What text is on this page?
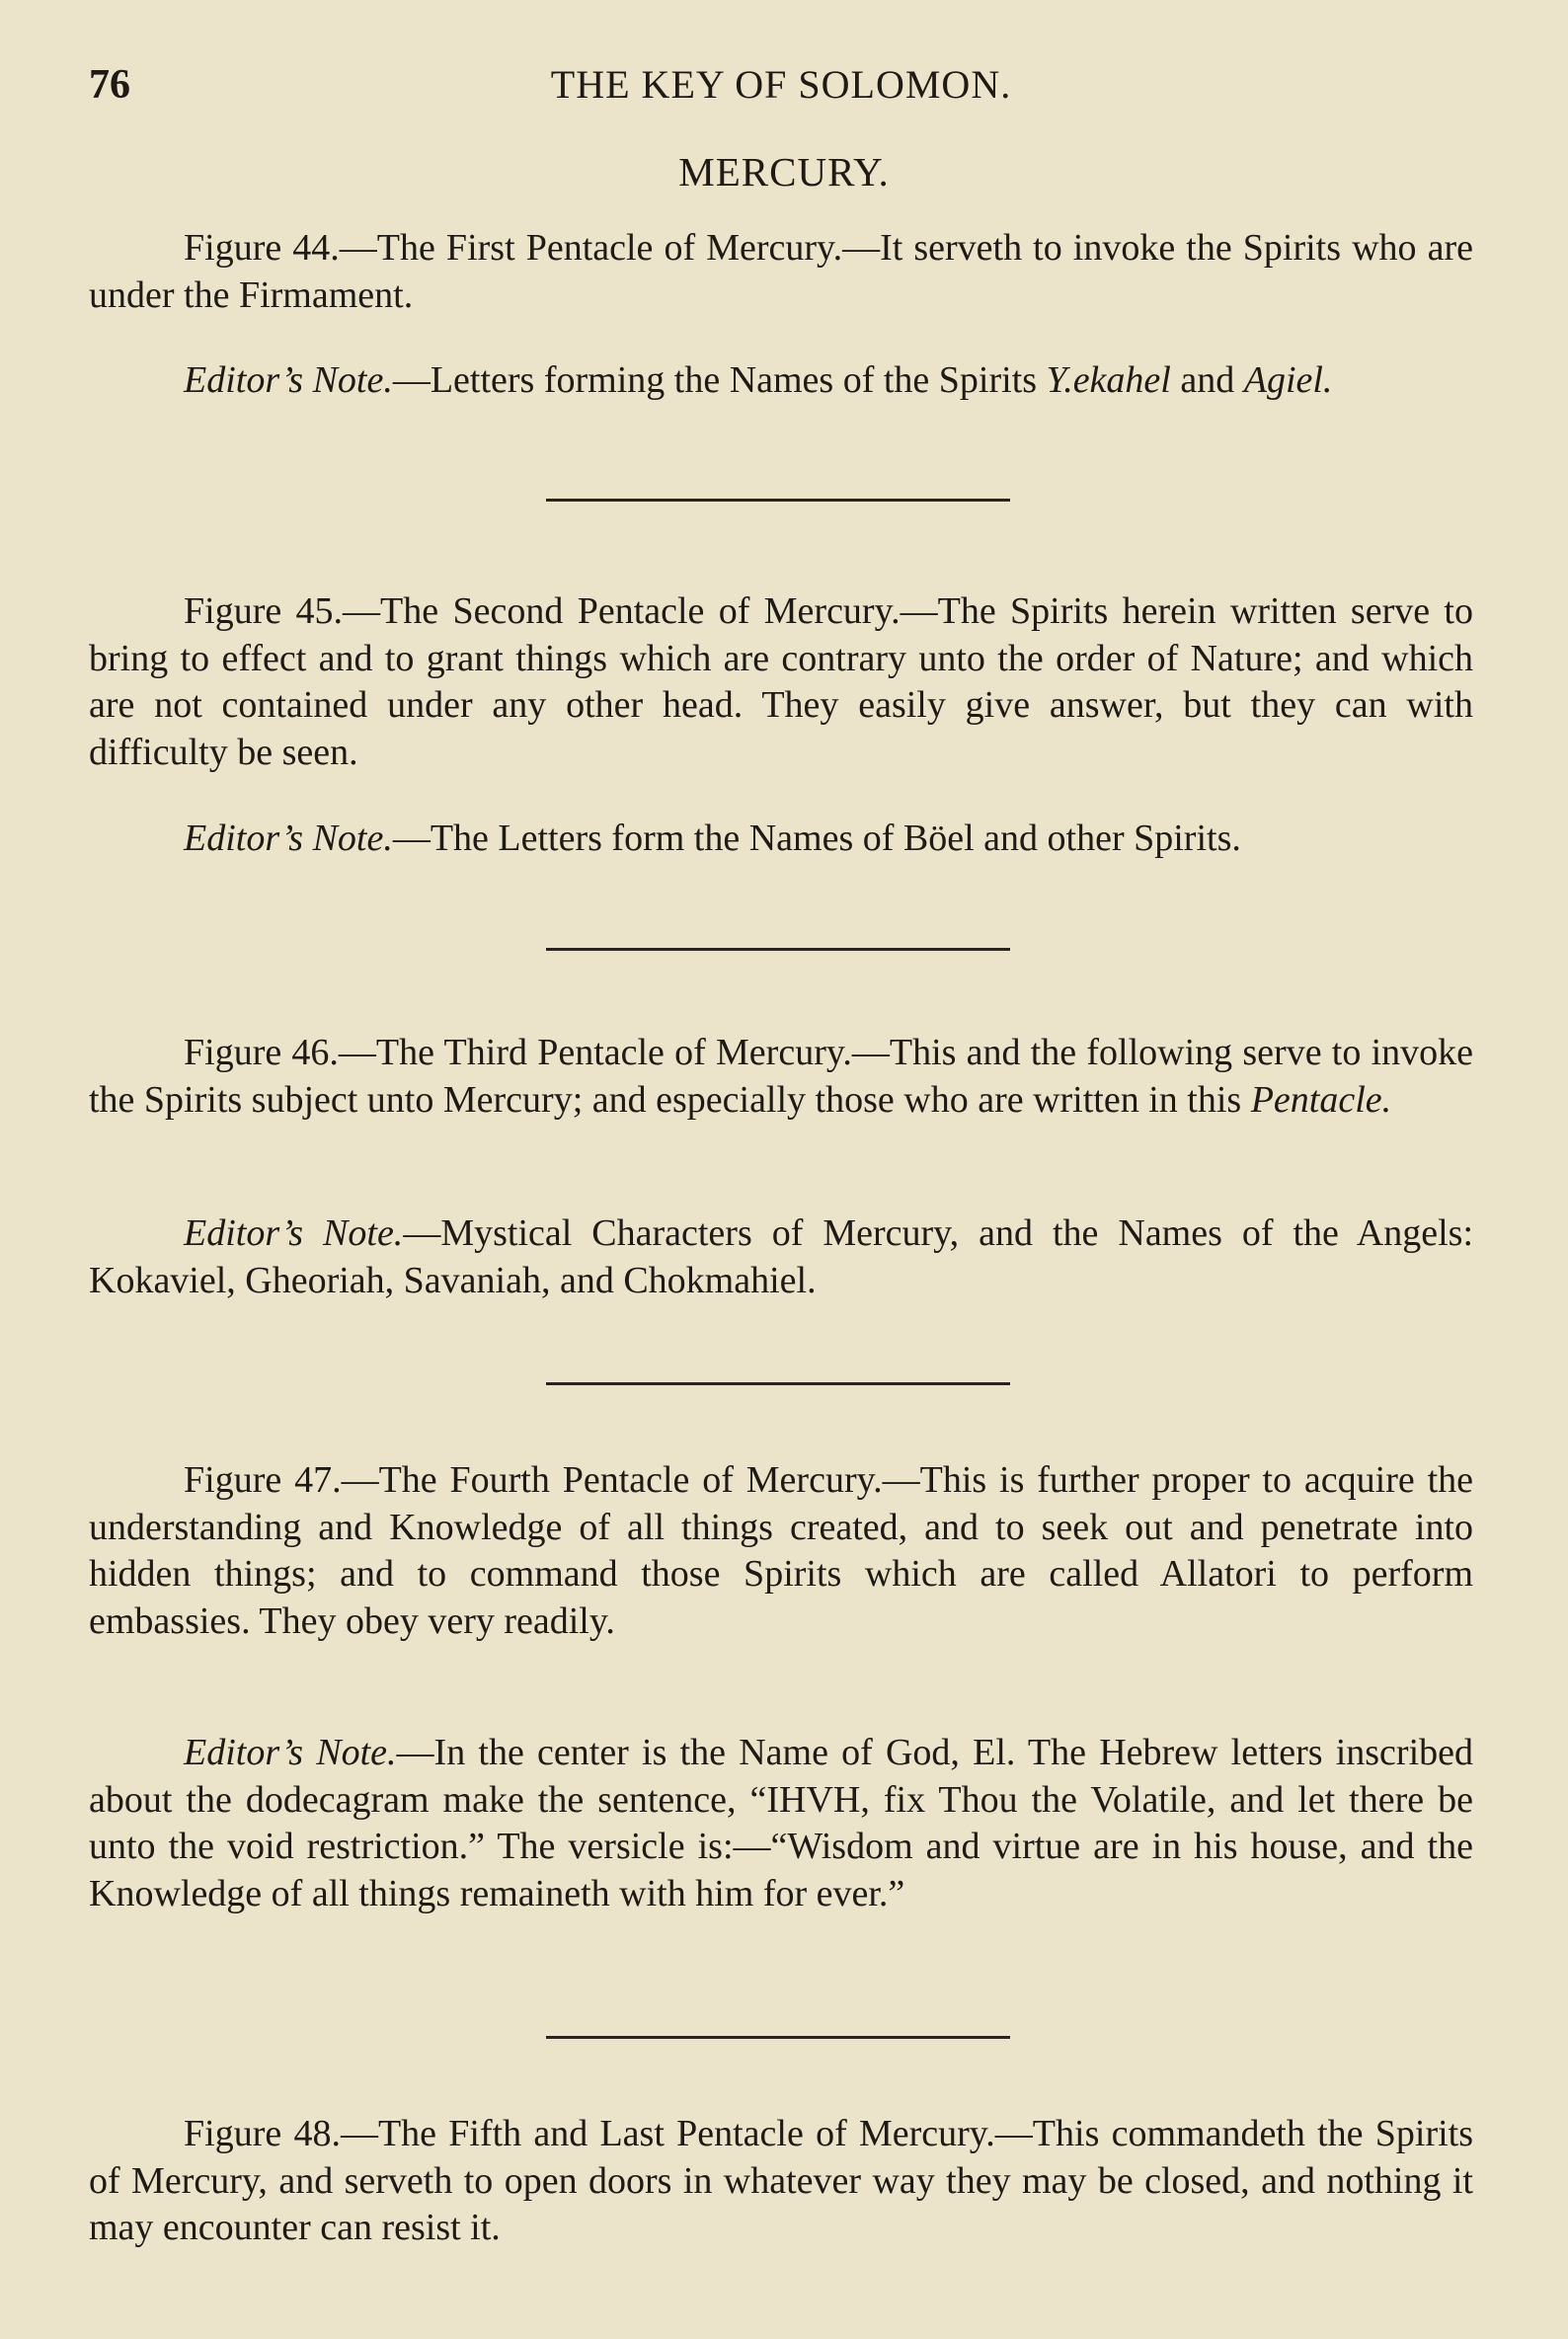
76	THE KEY OF SOLOMON.
MERCURY.

Figure 44.—The First Pentacle of Mercury.—It serveth to invoke the Spirits who are under the Firmament.

Editor’s Note.—Letters forming the Names of the Spirits Y.ekahel and Agiel.

Figure 45.—The Second Pentacle of Mercury.—The Spirits herein written serve to bring to effect and to grant things which are contrary unto the order of Nature; and which are not contained under any other head. They easily give answer, but they can with difficulty be seen.

Editor’s Note.—The Letters form the Names of Böel and other Spirits.

Figure 46.—The Third Pentacle of Mercury.—This and the following serve to invoke the Spirits subject unto Mercury; and especially those who are written in this Pentacle.

Editor’s Note.—Mystical Characters of Mercury, and the Names of the Angels: Kokaviel, Gheoriah, Savaniah, and Chokmahiel.

Figure 47.—The Fourth Pentacle of Mercury.—This is further proper to acquire the understanding and Knowledge of all things created, and to seek out and penetrate into hidden things; and to command those Spirits which are called Allatori to perform embassies. They obey very readily.

Editor’s Note.—In the center is the Name of God, El. The Hebrew letters inscribed about the dodecagram make the sentence, “IHVH, fix Thou the Volatile, and let there be unto the void restriction.” The versicle is:—“Wisdom and virtue are in his house, and the Knowledge of all things remaineth with him for ever.”

Figure 48.—The Fifth and Last Pentacle of Mercury.—This commandeth the Spirits of Mercury, and serveth to open doors in whatever way they may be closed, and nothing it may encounter can resist it.
